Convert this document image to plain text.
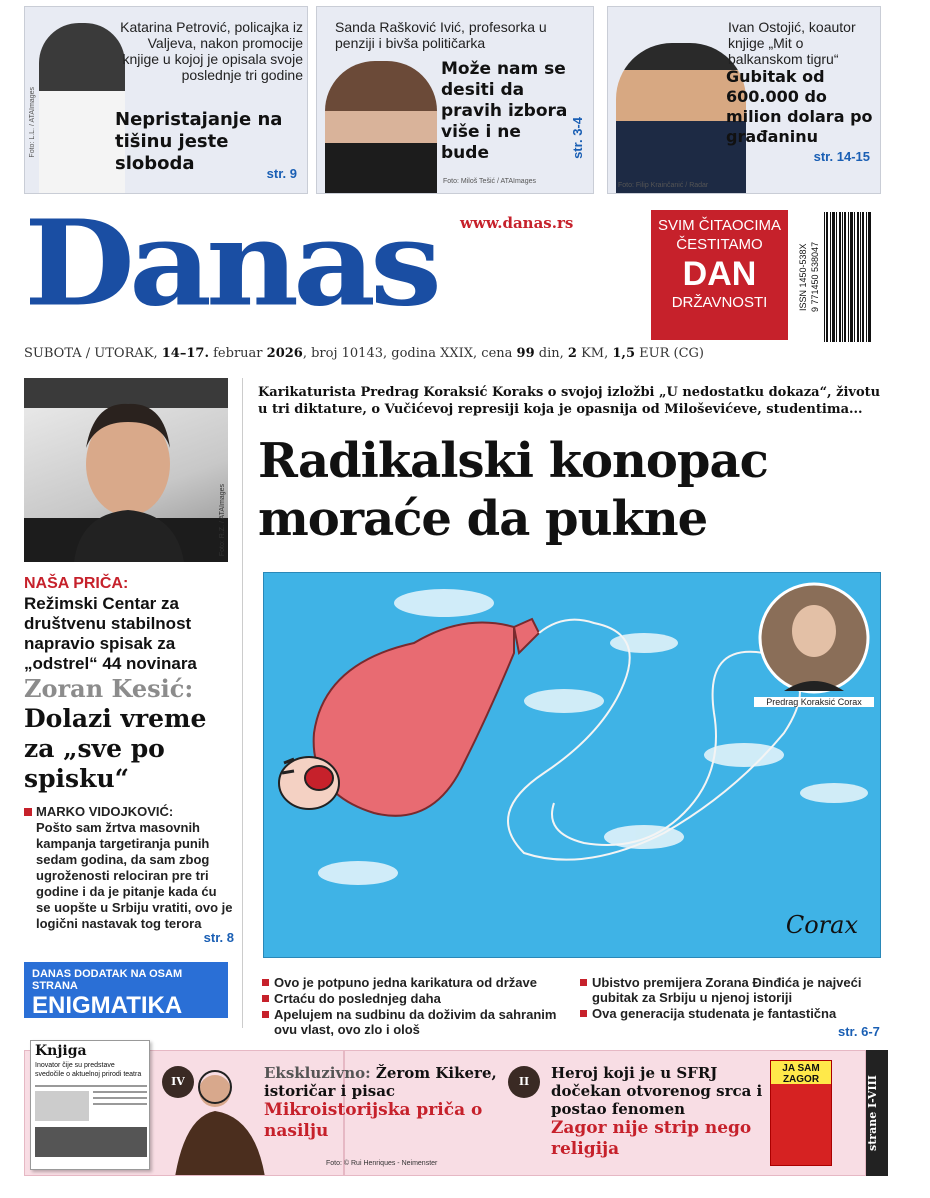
Foto: L.L. / ATAImages
Katarina Petrović, policajka iz Valjeva, nakon promocije knjige u kojoj je opisala svoje poslednje tri godine
Nepristajanje na tišinu jeste sloboda	str. 9
Sanda Rašković Ivić, profesorka u penziji i bivša političarka
Može nam se desiti da pravih izbora više i ne bude	str. 3-4
Foto: Miloš Tešić / ATAImages
Ivan Ostojić, koautor knjige „Mit o balkanskom tigru“
Gubitak od 600.000 do milion dolara po građaninu
str. 14-15
Foto: Filip Krainčanić / Radar
www.danas.rs
Danas	SVIM ČITAOCIMA
ČESTITAMO
DAN
DRŽAVNOSTI	ISSN 1450-538X 9 771450 538047
SUBOTA / UTORAK, 14–17. februar 2026, broj 10143, godina XXIX, cena 99 din, 2 KM, 1,5 EUR (CG)
Foto: R.Z. / ATAImages
NAŠA PRIČA:
Režimski Centar za društvenu stabilnost napravio spisak za „odstrel“ 44 novinara
Zoran Kesić:
Dolazi vreme za „sve po spisku“
MARKO VIDOJKOVIĆ:
Pošto sam žrtva masovnih kampanja targetiranja punih sedam godina, da sam zbog ugroženosti relociran pre tri godine i da je pitanje kada ću se uopšte u Srbiju vratiti, ovo je logični nastavak tog terora
str. 8
DANAS DODATAK NA OSAM STRANA
ENIGMATIKA
Karikaturista Predrag Koraksić Koraks o svojoj izložbi „U nedostatku dokaza“, životu u tri diktature, o Vučićevoj represiji koja je opasnija od Miloševićeve, studentima...
Radikalski konopac moraće da pukne
Predrag Koraksić Corax
Corax
Ovo je potpuno jedna karikatura od države
Crtaću do poslednjeg daha
Apelujem na sudbinu da doživim da sahranim ovu vlast, ovo zlo i ološ
Ubistvo premijera Zorana Đinđića je najveći gubitak za Srbiju u njenoj istoriji
Ova generacija studenata je fantastična
str. 6-7
Knjiga
Inovator čije su predstave svedočile o aktuelnoj prirodi teatra
IV	Ekskluzivno: Žerom Kikere, istoričar i pisac
Mikroistorijska priča o nasilju
Foto: © Rui Henriques - Neimenster
II	Heroj koji je u SFRJ dočekan otvorenog srca i postao fenomen
Zagor nije strip nego religija
JA SAM ZAGOR	strane I-VIII
